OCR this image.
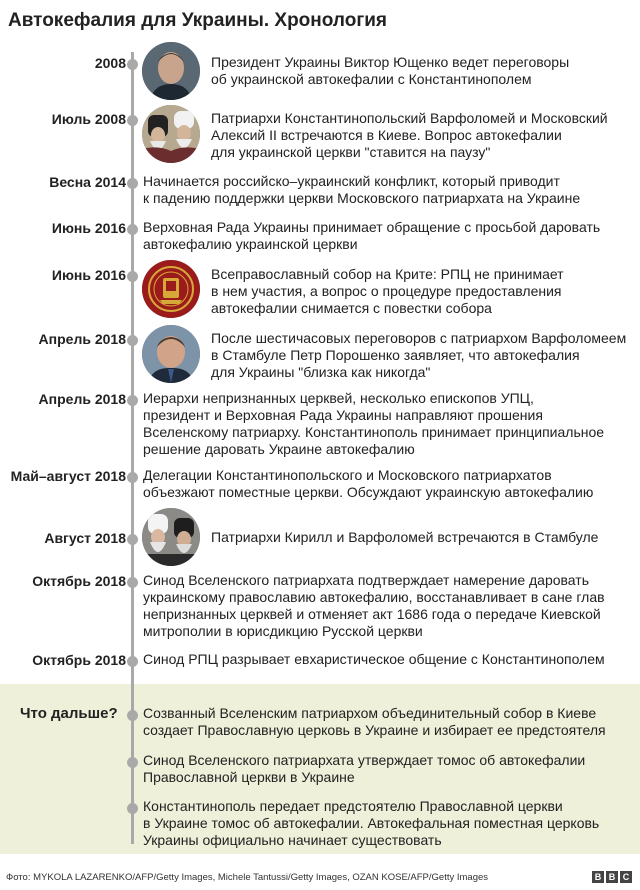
Автокефалия для Украины. Хронология
2008	Президент Украины Виктор Ющенко ведет переговоры
об украинской автокефалии с Константинополем
Июль 2008	Патриархи Константинопольский Варфоломей и Московский
Алексий II встречаются в Киеве. Вопрос автокефалии
для украинской церкви "ставится на паузу"
Весна 2014 Начинается российско–украинский конфликт, который приводит
к падению поддержки церкви Московского патриархата на Украине
Июнь 2016 Верховная Рада Украины принимает обращение с просьбой даровать
автокефалию украинской церкви
Июнь 2016	Всеправославный собор на Крите: РПЦ не принимает
в нем участия, а вопрос о процедуре предоставления
автокефалии снимается с повестки собора
Апрель 2018	После шестичасовых переговоров с патриархом Варфоломеем
в Стамбуле Петр Порошенко заявляет, что автокефалия
для Украины "близка как никогда"
Апрель 2018 Иерархи непризнанных церквей, несколько епископов УПЦ,
президент и Верховная Рада Украины направляют прошения
Вселенскому патриарху. Константинополь принимает принципиальное
решение даровать Украине автокефалию
Май–август 2018 Делегации Константинопольского и Московского патриархатов
объезжают поместные церкви. Обсуждают украинскую автокефалию
Август 2018	Патриархи Кирилл и Варфоломей встречаются в Стамбуле
Октябрь 2018 Синод Вселенского патриархата подтверждает намерение даровать
украинскому православию автокефалию, восстанавливает в сане глав
непризнанных церквей и отменяет акт 1686 года о передаче Киевской
митрополии в юрисдикцию Русской церкви
Октябрь 2018 Синод РПЦ разрывает евхаристическое общение с Константинополем
Что дальше? Созванный Вселенским патриархом объединительный собор в Киеве
создает Православную церковь в Украине и избирает ее предстоятеля
Синод Вселенского патриархата утверждает томос об автокефалии
Православной церкви в Украине
Константинополь передает предстоятелю Православной церкви
в Украине томос об автокефалии. Автокефальная поместная церковь
Украины официально начинает существовать
Фото: MYKOLA LAZARENKO/AFP/Getty Images, Michele Tantussi/Getty Images, OZAN KOSE/AFP/Getty Images	B B C
